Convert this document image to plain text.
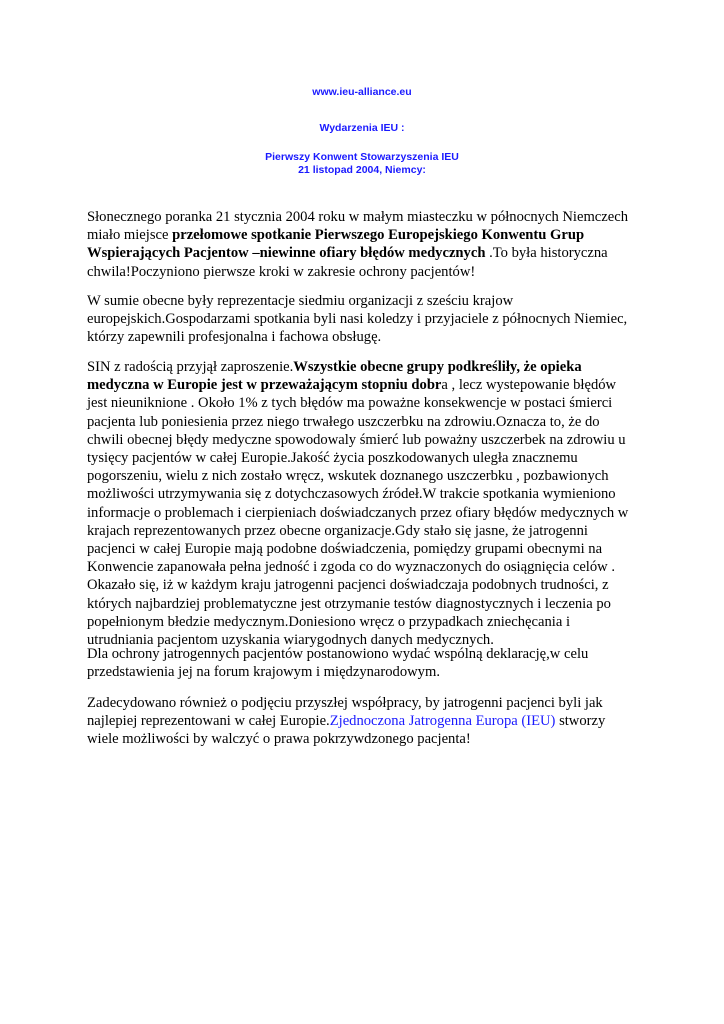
www.ieu-alliance.eu

Wydarzenia IEU :

Pierwszy Konwent Stowarzyszenia IEU

21 listopad 2004, Niemcy:

Słonecznego poranka 21 stycznia 2004 roku w małym miasteczku w północnych Niemczech
miało miejsce przełomowe spotkanie Pierwszego Europejskiego Konwentu Grup
Wspierających Pacjentow –niewinne ofiary błędów medycznych .To była historyczna
chwila!Poczyniono pierwsze kroki w zakresie ochrony pacjentów!
W sumie obecne były reprezentacje siedmiu organizacji z sześciu krajow
europejskich.Gospodarzami spotkania byli nasi koledzy i przyjaciele z północnych Niemiec,
którzy zapewnili profesjonalna i fachowa obsługę.
SIN z radością przyjął zaproszenie.Wszystkie obecne grupy podkreśliły, że opieka
medyczna w Europie jest w przeważającym stopniu dobra , lecz wystepowanie błędów
jest nieuniknione . Około 1% z tych błędów ma poważne konsekwencje w postaci śmierci
pacjenta lub poniesienia przez niego trwałego uszczerbku na zdrowiu.Oznacza to, że do
chwili obecnej błędy medyczne spowodowaly śmierć lub poważny uszczerbek na zdrowiu u
tysięcy pacjentów w całej Europie.Jakość życia poszkodowanych uległa znacznemu
pogorszeniu, wielu z nich zostało wręcz, wskutek doznanego uszczerbku , pozbawionych
możliwości utrzymywania się z dotychczasowych źródeł.W trakcie spotkania wymieniono
informacje o problemach i cierpieniach doświadczanych przez ofiary błędów medycznych w
krajach reprezentowanych przez obecne organizacje.Gdy stało się jasne, że jatrogenni
pacjenci w całej Europie mają podobne doświadczenia, pomiędzy grupami obecnymi na
Konwencie zapanowała pełna jedność i zgoda co do wyznaczonych do osiągnięcia celów .
Okazało się, iż w każdym kraju jatrogenni pacjenci doświadczaja podobnych trudności, z
których najbardziej problematyczne jest otrzymanie testów diagnostycznych i leczenia po
popełnionym błedzie medycznym.Doniesiono wręcz o przypadkach zniechęcania i
utrudniania pacjentom uzyskania wiarygodnych danych medycznych.
Dla ochrony jatrogennych pacjentów postanowiono wydać wspólną deklarację,w celu
przedstawienia jej na forum krajowym i międzynarodowym.
Zadecydowano również o podjęciu przyszłej współpracy, by jatrogenni pacjenci byli jak
najlepiej reprezentowani w całej Europie.Zjednoczona Jatrogenna Europa (IEU) stworzy
wiele możliwości by walczyć o prawa pokrzywdzonego pacjenta!
